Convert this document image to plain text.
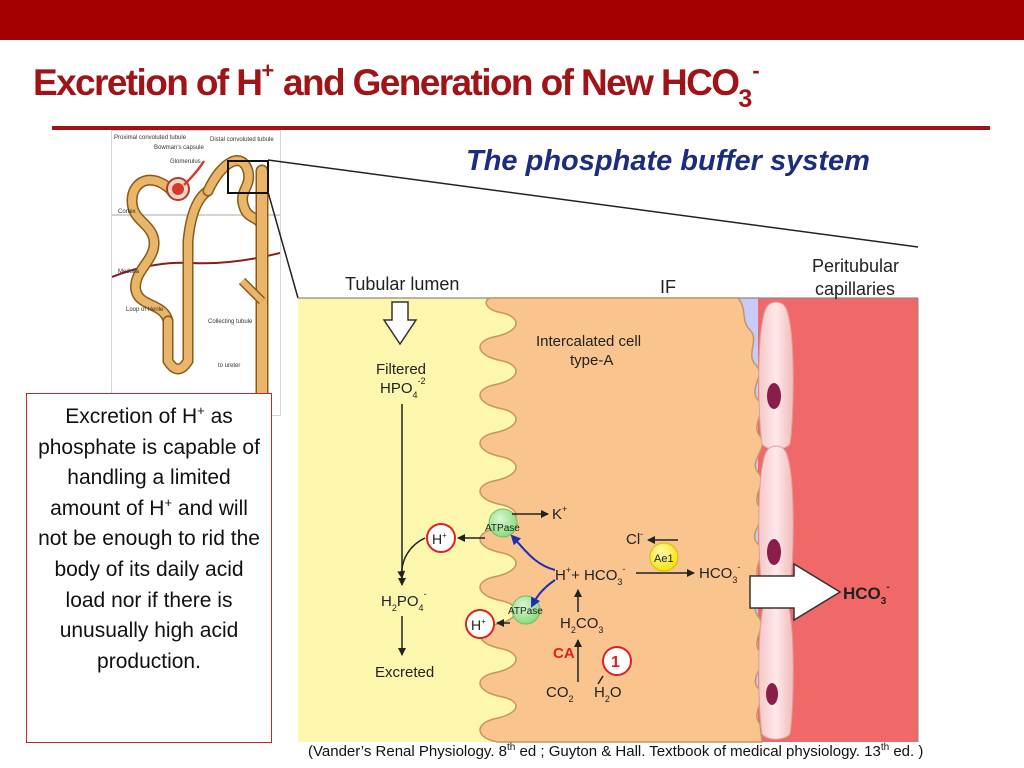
Excretion of H+ and Generation of New $HCO_3^-$
The phosphate buffer system
Proximal convoluted tubule
Bowman's capsule
Glomerulus
Distal convoluted tubule
Cortex
Medulla
Loop of Henle
Collecting tubule
to ureter
Tubular lumen	IF
Peritubular
capillaries
Intercalated cell
type-A
Filtered
$HPO_4^{-2}$
$H_2PO_4^-$
Excreted
H+
H+
ATPase
ATPase
K+
$H^++ HCO_3^-$
$H_2CO_3$
CA
1
$CO_2$ $H_2O$
Cl-
Ae1
$HCO_3^-$
$HCO_3^-$
Excretion of H+ as phosphate is capable of handling a limited amount of H+ and will not be enough to rid the body of its daily acid load nor if there is unusually high acid production.
(Vander’s Renal Physiology. 8th ed ; Guyton & Hall. Textbook of medical physiology. 13th ed. )
